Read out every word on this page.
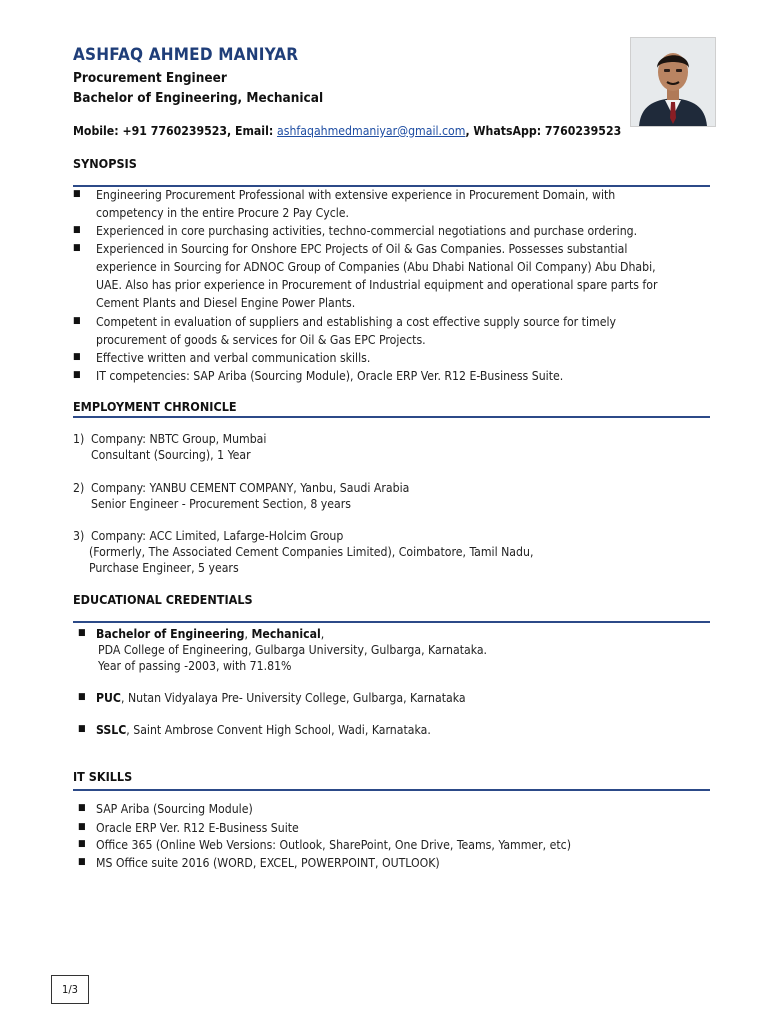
ASHFAQ AHMED MANIYAR
Procurement Engineer
Bachelor of Engineering, Mechanical
Mobile: +91 7760239523, Email: ashfaqahmedmaniyar@gmail.com, WhatsApp: 7760239523
SYNOPSIS
■ Engineering Procurement Professional with extensive experience in Procurement Domain, with
competency in the entire Procure 2 Pay Cycle.
■ Experienced in core purchasing activities, techno-commercial negotiations and purchase ordering.
■ Experienced in Sourcing for Onshore EPC Projects of Oil & Gas Companies. Possesses substantial
experience in Sourcing for ADNOC Group of Companies (Abu Dhabi National Oil Company) Abu Dhabi,
UAE. Also has prior experience in Procurement of Industrial equipment and operational spare parts for
Cement Plants and Diesel Engine Power Plants.
■ Competent in evaluation of suppliers and establishing a cost effective supply source for timely
procurement of goods & services for Oil & Gas EPC Projects.
■ Effective written and verbal communication skills.
■ IT competencies: SAP Ariba (Sourcing Module), Oracle ERP Ver. R12 E-Business Suite.
EMPLOYMENT CHRONICLE
1) Company: NBTC Group, Mumbai
Consultant (Sourcing), 1 Year
2) Company: YANBU CEMENT COMPANY, Yanbu, Saudi Arabia
Senior Engineer - Procurement Section, 8 years
3) Company: ACC Limited, Lafarge-Holcim Group
(Formerly, The Associated Cement Companies Limited), Coimbatore, Tamil Nadu,
Purchase Engineer, 5 years
EDUCATIONAL CREDENTIALS
■ Bachelor of Engineering, Mechanical,
PDA College of Engineering, Gulbarga University, Gulbarga, Karnataka.
Year of passing -2003, with 71.81%
■ PUC, Nutan Vidyalaya Pre- University College, Gulbarga, Karnataka
■ SSLC, Saint Ambrose Convent High School, Wadi, Karnataka.
IT SKILLS
■ SAP Ariba (Sourcing Module)
■ Oracle ERP Ver. R12 E-Business Suite
■ Office 365 (Online Web Versions: Outlook, SharePoint, One Drive, Teams, Yammer, etc)
■ MS Office suite 2016 (WORD, EXCEL, POWERPOINT, OUTLOOK)
1/3
